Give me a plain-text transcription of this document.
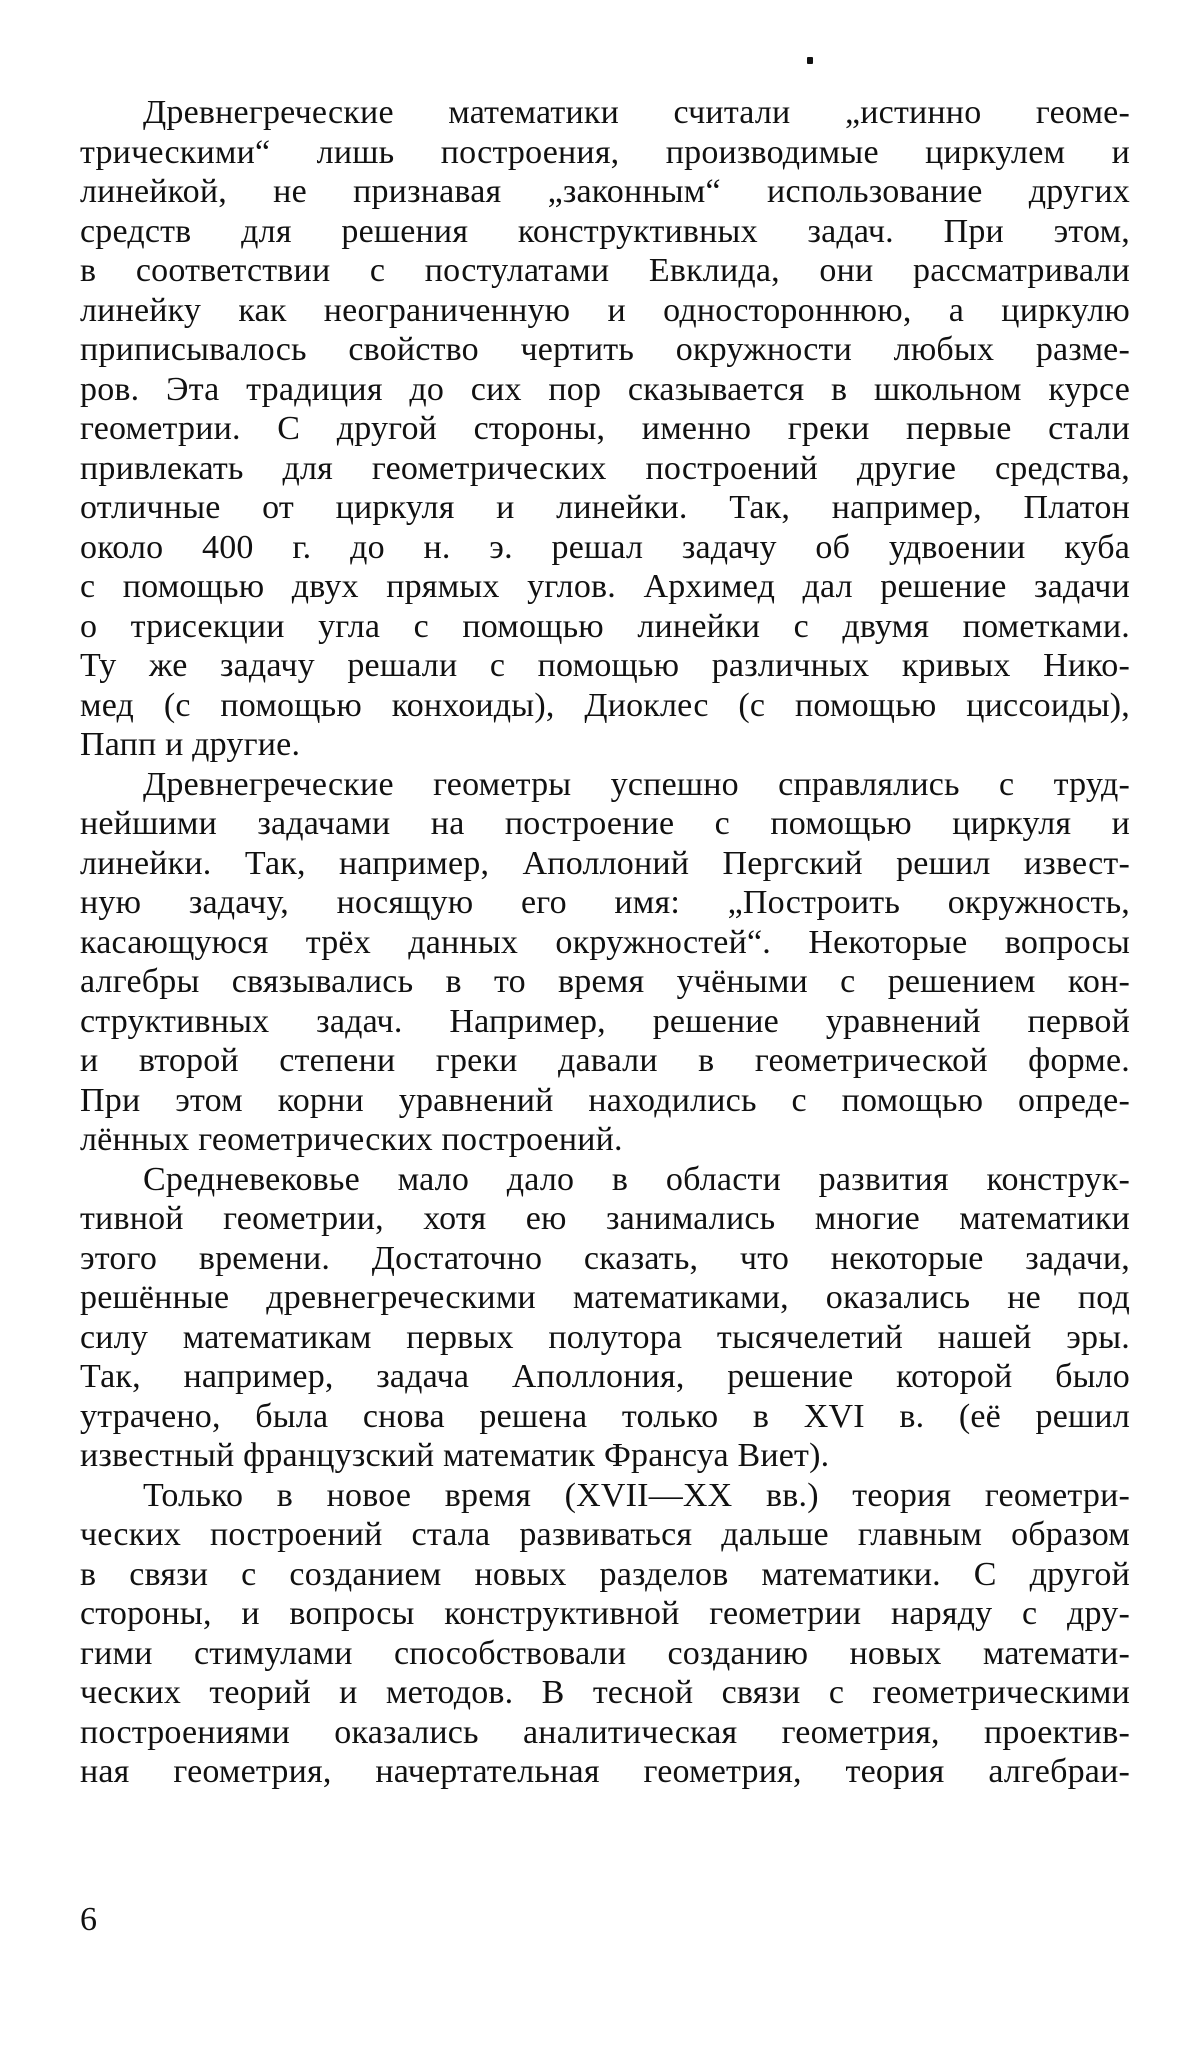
Древнегреческие математики считали „истинно геоме-
трическими“ лишь построения, производимые циркулем и
линейкой, не признавая „законным“ использование других
средств для решения конструктивных задач. При этом,
в соответствии с постулатами Евклида, они рассматривали
линейку как неограниченную и одностороннюю, а циркулю
приписывалось свойство чертить окружности любых разме-
ров. Эта традиция до сих пор сказывается в школьном курсе
геометрии. С другой стороны, именно греки первые стали
привлекать для геометрических построений другие средства,
отличные от циркуля и линейки. Так, например, Платон
около 400 г. до н. э. решал задачу об удвоении куба
с помощью двух прямых углов. Архимед дал решение задачи
о трисекции угла с помощью линейки с двумя пометками.
Ту же задачу решали с помощью различных кривых Нико-
мед (с помощью конхоиды), Диоклес (с помощью циссоиды),
Папп и другие.

Древнегреческие геометры успешно справлялись с труд-
нейшими задачами на построение с помощью циркуля и
линейки. Так, например, Аполлоний Пергский решил извест-
ную задачу, носящую его имя: „Построить окружность,
касающуюся трёх данных окружностей“. Некоторые вопросы
алгебры связывались в то время учёными с решением кон-
структивных задач. Например, решение уравнений первой
и второй степени греки давали в геометрической форме.
При этом корни уравнений находились с помощью опреде-
лённых геометрических построений.

Средневековье мало дало в области развития конструк-
тивной геометрии, хотя ею занимались многие математики
этого времени. Достаточно сказать, что некоторые задачи,
решённые древнегреческими математиками, оказались не под
силу математикам первых полутора тысячелетий нашей эры.
Так, например, задача Аполлония, решение которой было
утрачено, была снова решена только в XVI в. (её решил
известный французский математик Франсуа Виет).

Только в новое время (XVII—XX вв.) теория геометри-
ческих построений стала развиваться дальше главным образом
в связи с созданием новых разделов математики. С другой
стороны, и вопросы конструктивной геометрии наряду с дру-
гими стимулами способствовали созданию новых математи-
ческих теорий и методов. В тесной связи с геометрическими
построениями оказались аналитическая геометрия, проектив-
ная геометрия, начертательная геометрия, теория алгебраи-

6
